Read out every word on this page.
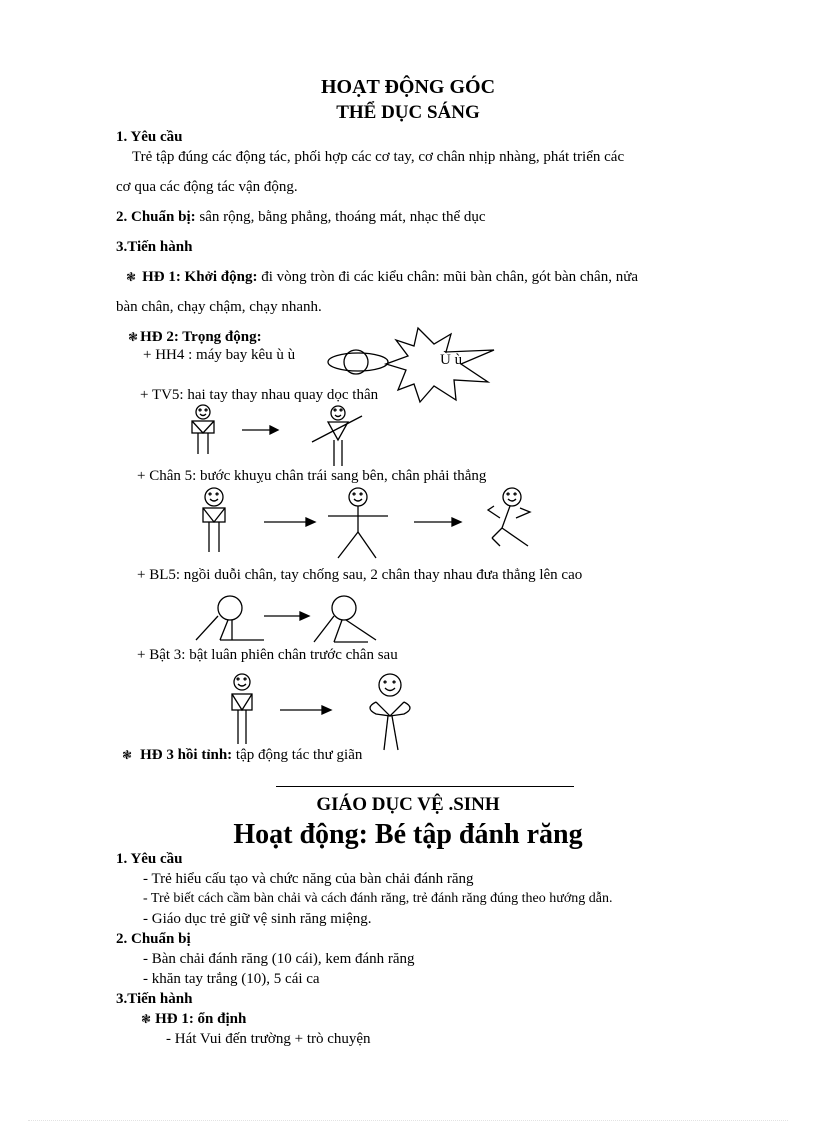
HOẠT ĐỘNG GÓC
THỂ DỤC SÁNG
1. Yêu cầu
Trẻ tập đúng các động tác, phối hợp các cơ tay, cơ chân nhịp nhàng, phát triển các
cơ qua các động tác vận động.
2. Chuẩn bị: sân rộng, bằng phẳng, thoáng mát, nhạc thể dục
3.Tiến hành
❃ HĐ 1: Khởi động: đi vòng tròn đi các kiểu chân: mũi bàn chân, gót bàn chân, nửa
bàn chân, chạy chậm, chạy nhanh.
❃ HĐ 2: Trọng động:
+ HH4 : máy bay kêu ù ù	Ù ù
+ TV5: hai tay thay nhau quay dọc thân
+ Chân 5: bước khuỵu chân trái sang bên, chân phải thẳng
+ BL5: ngồi duỗi chân, tay chống sau, 2 chân thay nhau đưa thẳng lên cao
+ Bật 3: bật luân phiên chân trước chân sau
❃ HĐ 3 hồi tỉnh: tập động tác thư giãn
GIÁO DỤC VỆ .SINH
Hoạt động: Bé tập đánh răng
1. Yêu cầu
- Trẻ hiểu cấu tạo và chức năng của bàn chải đánh răng
- Trẻ biết cách cầm bàn chải và cách đánh răng, trẻ đánh răng đúng theo hướng dẫn.
- Giáo dục trẻ giữ vệ sinh răng miệng.
2. Chuẩn bị
- Bàn chải đánh răng (10 cái), kem đánh răng
- khăn tay trắng (10), 5 cái ca
3.Tiến hành
❃ HĐ 1: ổn định
- Hát Vui đến trường + trò chuyện
